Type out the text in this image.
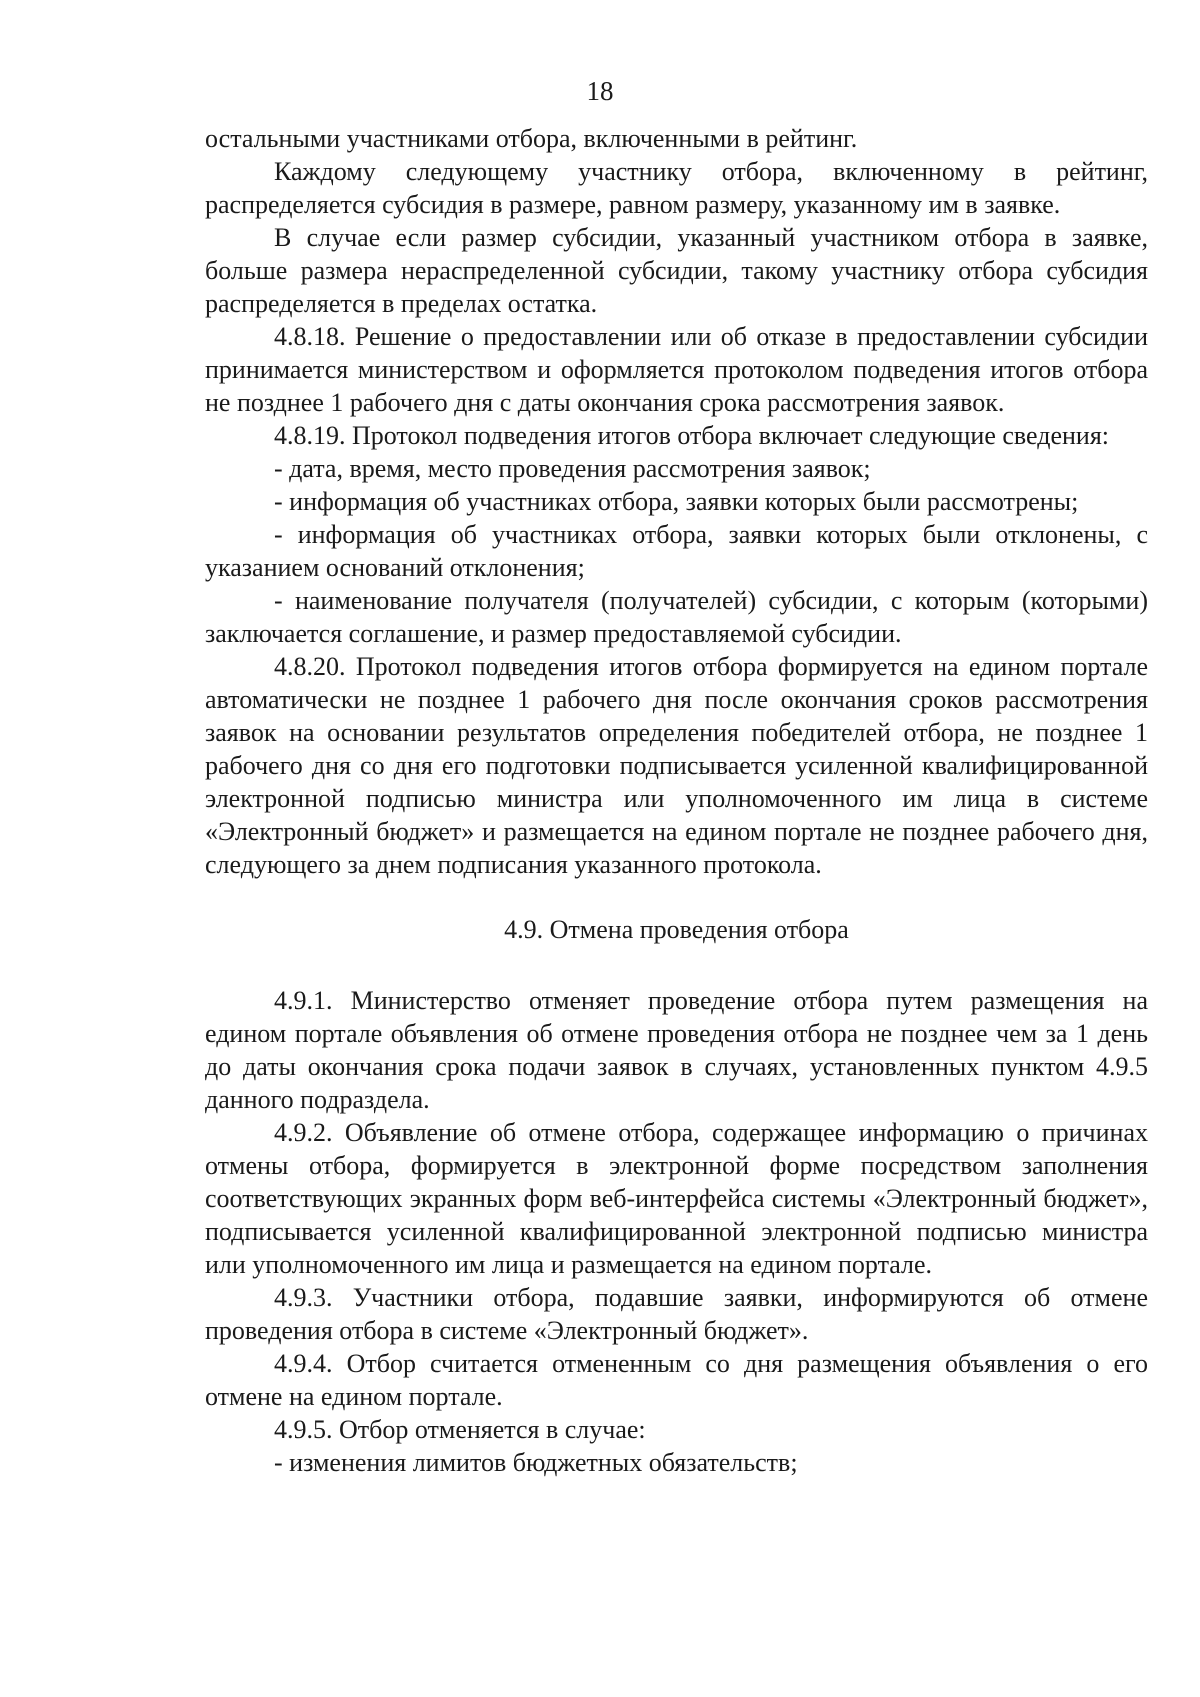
18

остальными участниками отбора, включенными в рейтинг.

Каждому следующему участнику отбора, включенному в рейтинг, распределяется субсидия в размере, равном размеру, указанному им в заявке.

В случае если размер субсидии, указанный участником отбора в заявке, больше размера нераспределенной субсидии, такому участнику отбора субсидия распределяется в пределах остатка.

4.8.18. Решение о предоставлении или об отказе в предоставлении субсидии принимается министерством и оформляется протоколом подведения итогов отбора не позднее 1 рабочего дня с даты окончания срока рассмотрения заявок.

4.8.19. Протокол подведения итогов отбора включает следующие сведения:

- дата, время, место проведения рассмотрения заявок;

- информация об участниках отбора, заявки которых были рассмотрены;

- информация об участниках отбора, заявки которых были отклонены, с указанием оснований отклонения;

- наименование получателя (получателей) субсидии, с которым (которыми) заключается соглашение, и размер предоставляемой субсидии.

4.8.20. Протокол подведения итогов отбора формируется на едином портале автоматически не позднее 1 рабочего дня после окончания сроков рассмотрения заявок на основании результатов определения победителей отбора, не позднее 1 рабочего дня со дня его подготовки подписывается усиленной квалифицированной электронной подписью министра или уполномоченного им лица в системе «Электронный бюджет» и размещается на едином портале не позднее рабочего дня, следующего за днем подписания указанного протокола.

4.9. Отмена проведения отбора

4.9.1. Министерство отменяет проведение отбора путем размещения на едином портале объявления об отмене проведения отбора не позднее чем за 1 день до даты окончания срока подачи заявок в случаях, установленных пунктом 4.9.5 данного подраздела.

4.9.2. Объявление об отмене отбора, содержащее информацию о причинах отмены отбора, формируется в электронной форме посредством заполнения соответствующих экранных форм веб-интерфейса системы «Электронный бюджет», подписывается усиленной квалифицированной электронной подписью министра или уполномоченного им лица и размещается на едином портале.

4.9.3. Участники отбора, подавшие заявки, информируются об отмене проведения отбора в системе «Электронный бюджет».

4.9.4. Отбор считается отмененным со дня размещения объявления о его отмене на едином портале.

4.9.5. Отбор отменяется в случае:

- изменения лимитов бюджетных обязательств;
